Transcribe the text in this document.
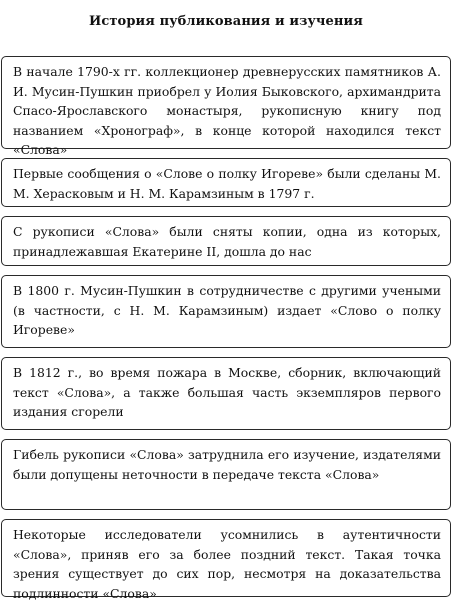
История публикования и изучения
В начале 1790-х гг. коллекционер древнерусских памятников А. И. Мусин-Пушкин приобрел у Иолия Быковского, архимандрита Спасо-Ярославского монастыря, рукописную книгу под названием «Хронограф», в конце которой находился текст «Слова»
Первые сообщения о «Слове о полку Игореве» были сделаны М. М. Херасковым и Н. М. Карамзиным в 1797 г.
С рукописи «Слова» были сняты копии, одна из которых, принадлежавшая Екатерине II, дошла до нас
В 1800 г. Мусин-Пушкин в сотрудничестве с другими учеными (в частности, с Н. М. Карамзиным) издает «Слово о полку Игореве»
В 1812 г., во время пожара в Москве, сборник, включающий текст «Слова», а также большая часть экземпляров первого издания сгорели
Гибель рукописи «Слова» затруднила его изучение, издателями были допущены неточности в передаче текста «Слова»
Некоторые исследователи усомнились в аутентичности «Слова», приняв его за более поздний текст. Такая точка зрения существует до сих пор, несмотря на доказательства подлинности «Слова»
